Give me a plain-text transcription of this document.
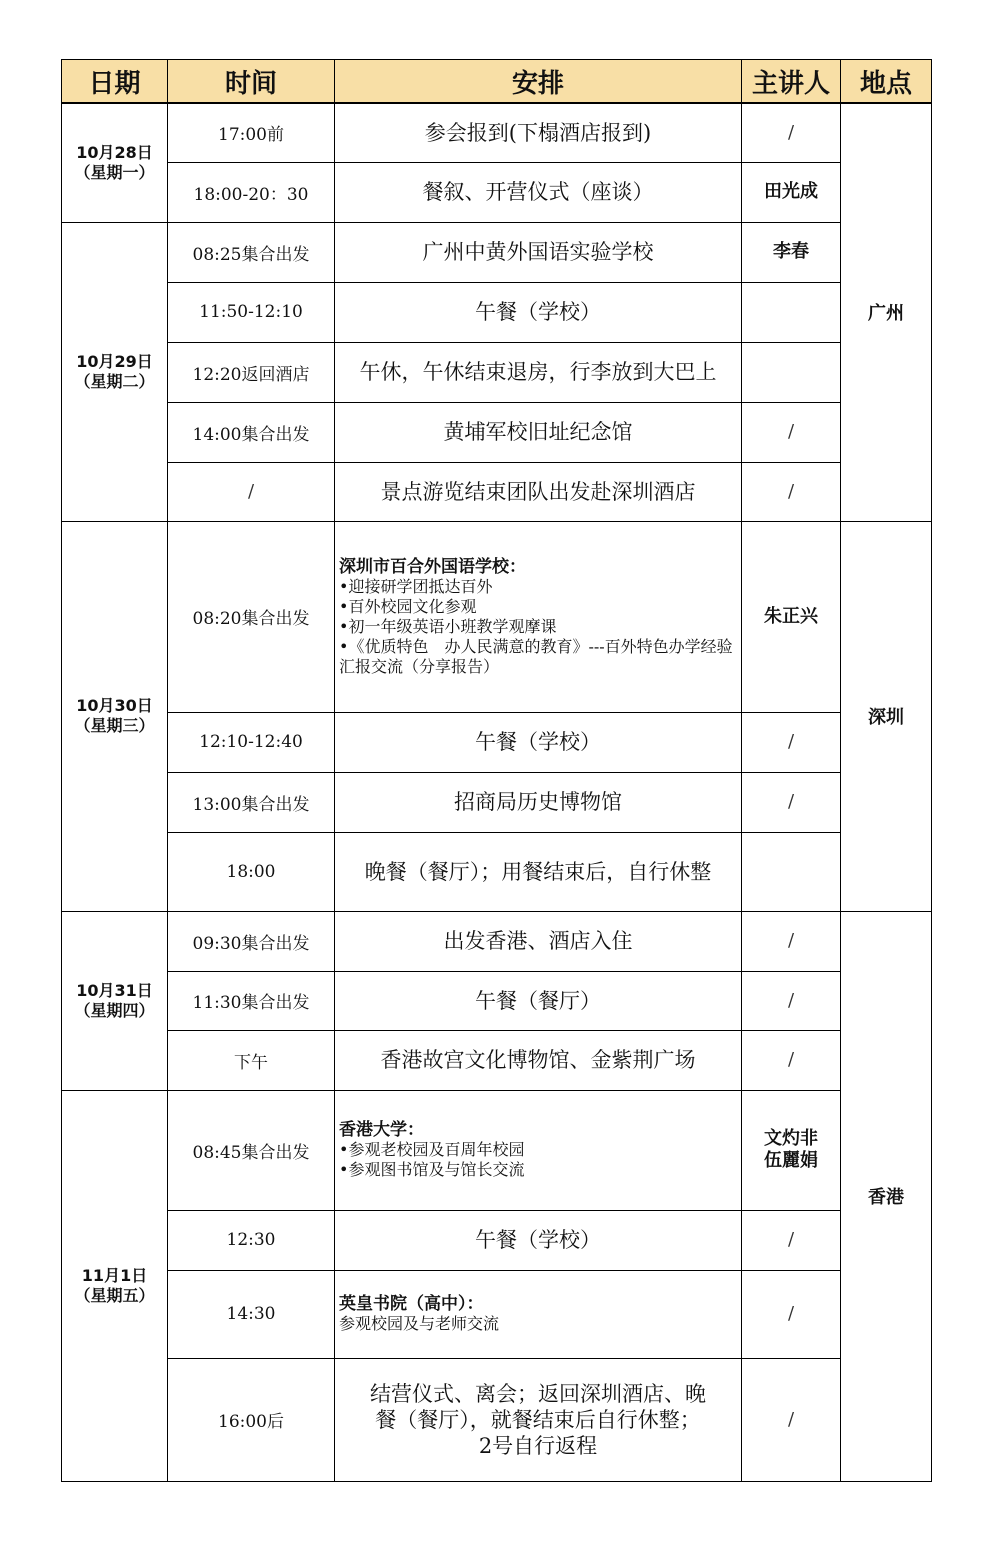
日期	时间	安排	主讲人	地点

10月28日
（星期一）	17:00前	参会报到(下榻酒店报到)	/	广州
	18:00-20：30	餐叙、开营仪式（座谈）	田光成	

10月29日
（星期二）	08:25集合出发	广州中黄外国语实验学校	李春	
	11:50-12:10	午餐（学校）		
	12:20返回酒店	午休，午休结束退房，行李放到大巴上		
	14:00集合出发	黄埔军校旧址纪念馆	/	
	/	景点游览结束团队出发赴深圳酒店	/	

10月30日
（星期三）	08:20集合出发	深圳市百合外国语学校：
•迎接研学团抵达百外
•百外校园文化参观
•初一年级英语小班教学观摩课
•《优质特色　办人民满意的教育》---百外特色办学经验汇报交流（分享报告）	朱正兴	深圳
	12:10-12:40	午餐（学校）	/	
	13:00集合出发	招商局历史博物馆	/	
	18:00	晚餐（餐厅）；用餐结束后，自行休整		

10月31日
（星期四）	09:30集合出发	出发香港、酒店入住	/	香港
	11:30集合出发	午餐（餐厅）	/	
	下午	香港故宫文化博物馆、金紫荆广场	/	

11月1日
（星期五）	08:45集合出发	香港大学：
•参观老校园及百周年校园
•参观图书馆及与馆长交流	文灼非
伍麗娟	

	12:30	午餐（学校）	/	
	14:30	英皇书院（高中）：
参观校园及与老师交流	/	
	16:00后	结营仪式、离会；返回深圳酒店、晚
餐（餐厅），就餐结束后自行休整；
2号自行返程	/	
